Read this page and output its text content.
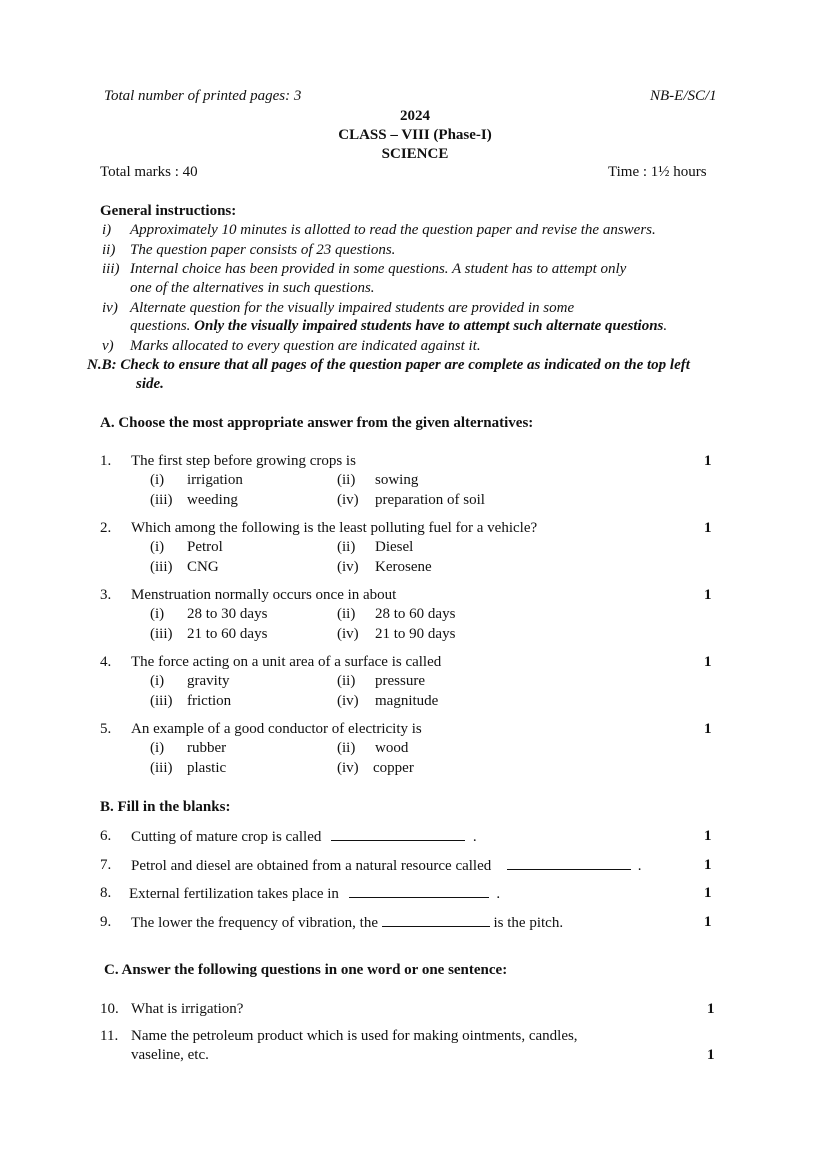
Total number of printed pages: 3	NB-E/SC/1
2024
CLASS – VIII (Phase-I)
SCIENCE
Total marks : 40	Time : 1½ hours
General instructions:
i) Approximately 10 minutes is allotted to read the question paper and revise the answers.
ii) The question paper consists of 23 questions.
iii) Internal choice has been provided in some questions. A student has to attempt only
one of the alternatives in such questions.
iv) Alternate question for the visually impaired students are provided in some
questions. Only the visually impaired students have to attempt such alternate questions.
v) Marks allocated to every question are indicated against it.
N.B: Check to ensure that all pages of the question paper are complete as indicated on the top left
side.
A. Choose the most appropriate answer from the given alternatives:
1. The first step before growing crops is	1
(i) irrigation	(ii) sowing
(iii) weeding	(iv) preparation of soil
2. Which among the following is the least polluting fuel for a vehicle?	1
(i) Petrol	(ii) Diesel
(iii) CNG	(iv) Kerosene
3. Menstruation normally occurs once in about	1
(i) 28 to 30 days	(ii) 28 to 60 days
(iii) 21 to 60 days	(iv) 21 to 90 days
4. The force acting on a unit area of a surface is called	1
(i) gravity	(ii) pressure
(iii) friction	(iv) magnitude
5. An example of a good conductor of electricity is	1
(i) rubber	(ii) wood
(iii) plastic	(iv) copper
B. Fill in the blanks:
6. Cutting of mature crop is called	.	1
7. Petrol and diesel are obtained from a natural resource called	.	1
8. External fertilization takes place in	.	1
9. The lower the frequency of vibration, the	is the pitch.	1
C. Answer the following questions in one word or one sentence:
10. What is irrigation?	1
11. Name the petroleum product which is used for making ointments, candles,
vaseline, etc.	1
